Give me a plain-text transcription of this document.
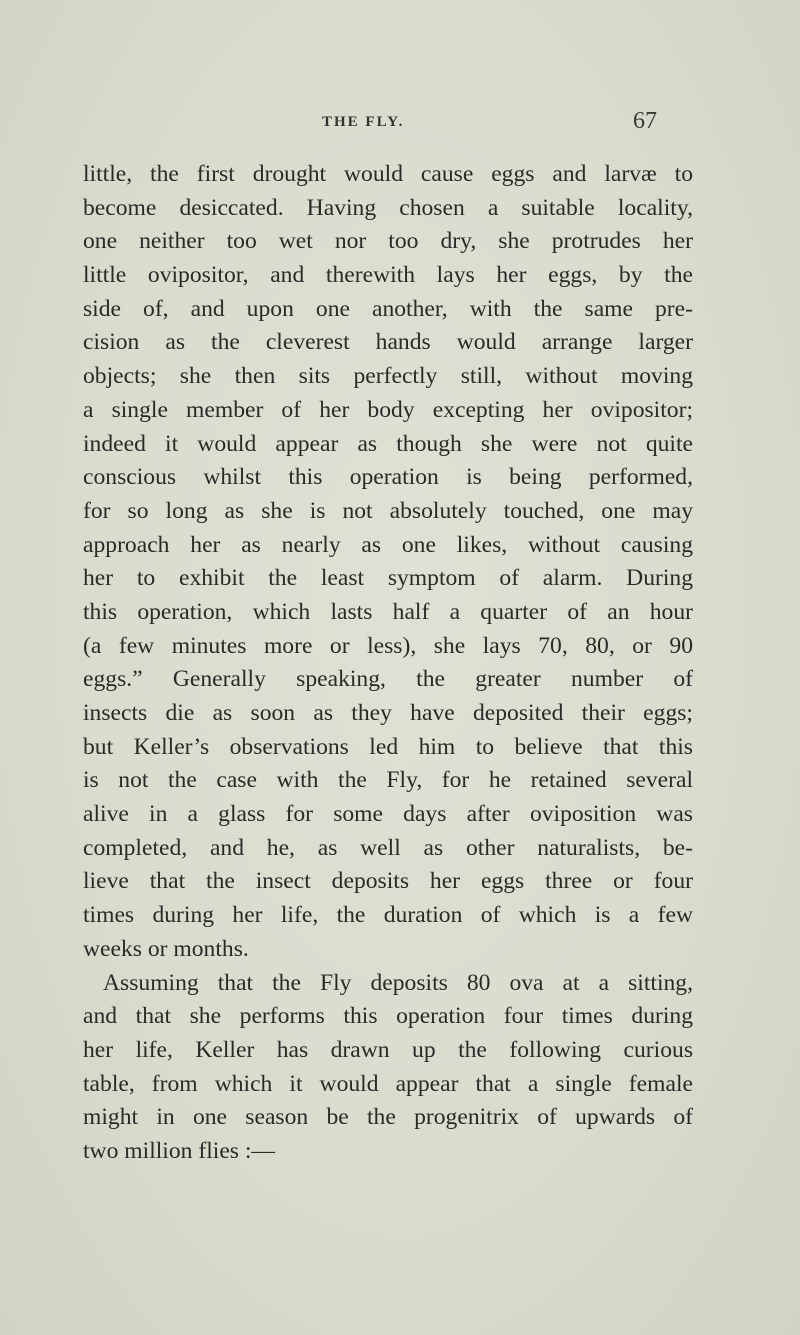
THE FLY.	67
little, the first drought would cause eggs and larvæ to
become desiccated. Having chosen a suitable locality,
one neither too wet nor too dry, she protrudes her
little ovipositor, and therewith lays her eggs, by the
side of, and upon one another, with the same pre-
cision as the cleverest hands would arrange larger
objects; she then sits perfectly still, without moving
a single member of her body excepting her ovipositor;
indeed it would appear as though she were not quite
conscious whilst this operation is being performed,
for so long as she is not absolutely touched, one may
approach her as nearly as one likes, without causing
her to exhibit the least symptom of alarm. During
this operation, which lasts half a quarter of an hour
(a few minutes more or less), she lays 70, 80, or 90
eggs.” Generally speaking, the greater number of
insects die as soon as they have deposited their eggs;
but Keller’s observations led him to believe that this
is not the case with the Fly, for he retained several
alive in a glass for some days after oviposition was
completed, and he, as well as other naturalists, be-
lieve that the insect deposits her eggs three or four
times during her life, the duration of which is a few
weeks or months.
Assuming that the Fly deposits 80 ova at a sitting,
and that she performs this operation four times during
her life, Keller has drawn up the following curious
table, from which it would appear that a single female
might in one season be the progenitrix of upwards of
two million flies :—
